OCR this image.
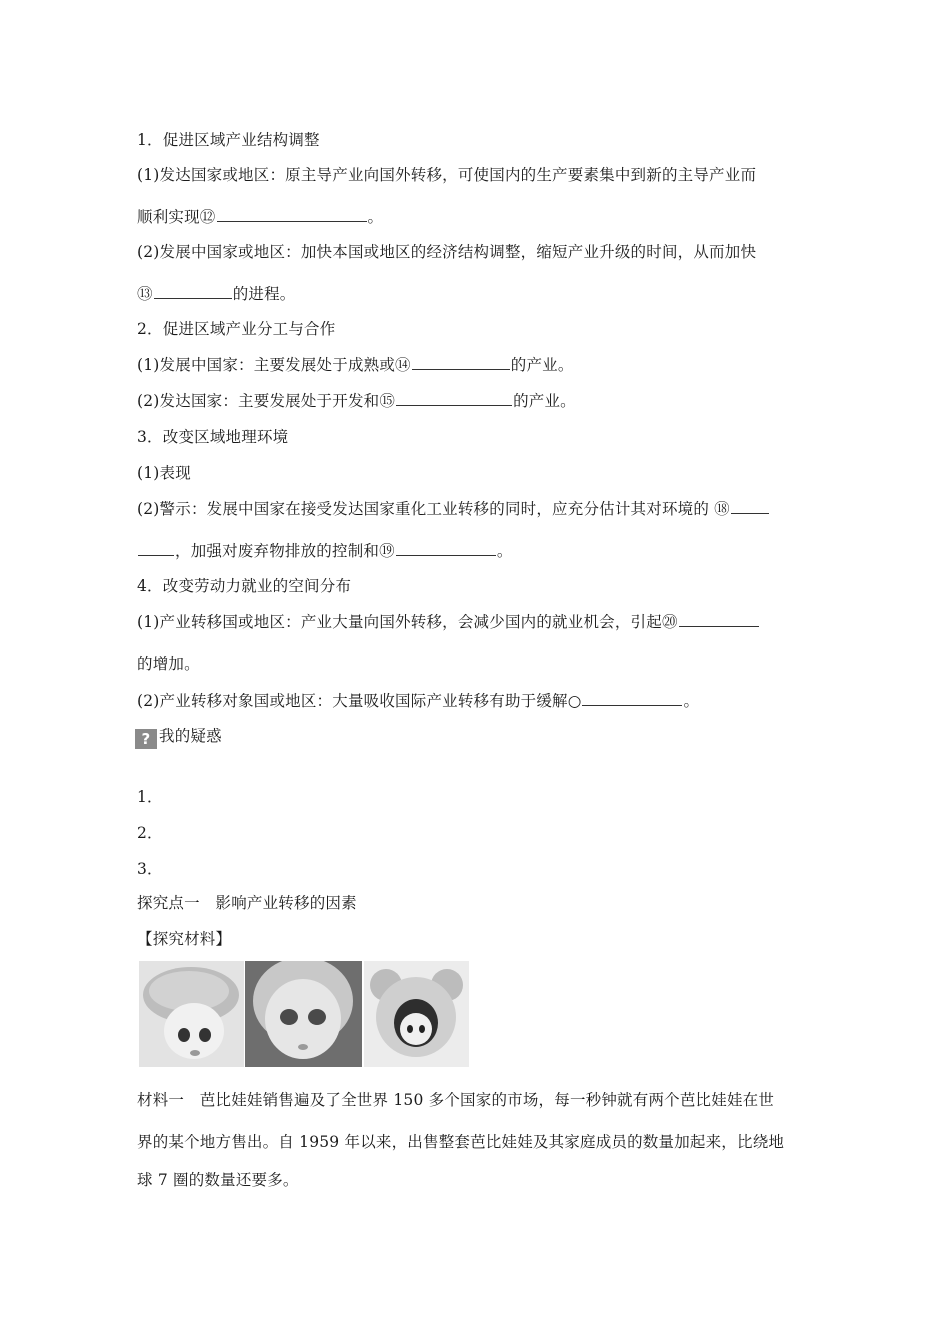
1．促进区域产业结构调整
(1)发达国家或地区：原主导产业向国外转移，可使国内的生产要素集中到新的主导产业而
顺利实现⑫	。
(2)发展中国家或地区：加快本国或地区的经济结构调整，缩短产业升级的时间，从而加快
⑬	的进程。
2．促进区域产业分工与合作
(1)发展中国家：主要发展处于成熟或⑭	的产业。
(2)发达国家：主要发展处于开发和⑮	的产业。
3．改变区域地理环境
(1)表现
(2)警示：发展中国家在接受发达国家重化工业转移的同时，应充分估计其对环境的 ⑱
，加强对废弃物排放的控制和⑲	。
4．改变劳动力就业的空间分布
(1)产业转移国或地区：产业大量向国外转移，会减少国内的就业机会，引起⑳
的增加。
(2)产业转移对象国或地区：大量吸收国际产业转移有助于缓解○	。
? 我的疑惑
1．
2．
3．
探究点一　影响产业转移的因素
【探究材料】
材料一　芭比娃娃销售遍及了全世界 150 多个国家的市场，每一秒钟就有两个芭比娃娃在世
界的某个地方售出。自 1959 年以来，出售整套芭比娃娃及其家庭成员的数量加起来，比绕地
球 7 圈的数量还要多。
